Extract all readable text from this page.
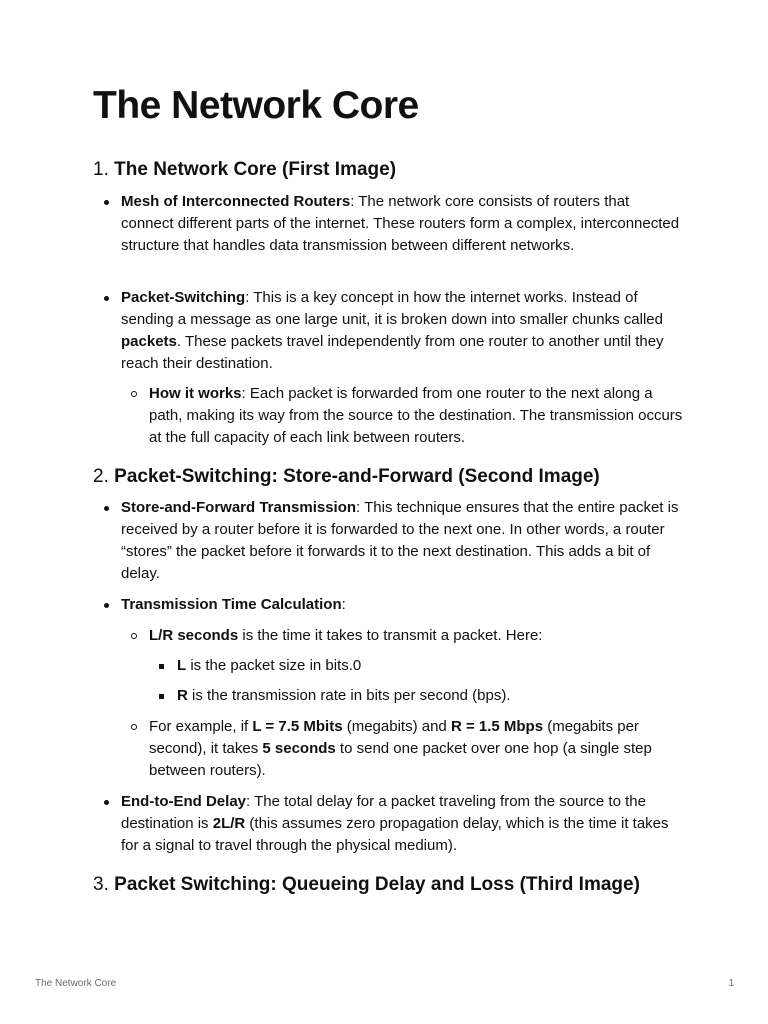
The Network Core
1. The Network Core (First Image)

Mesh of Interconnected Routers: The network core consists of routers that connect different parts of the internet. These routers form a complex, interconnected structure that handles data transmission between different networks.

Packet-Switching: This is a key concept in how the internet works. Instead of sending a message as one large unit, it is broken down into smaller chunks called packets. These packets travel independently from one router to another until they reach their destination.

How it works: Each packet is forwarded from one router to the next along a path, making its way from the source to the destination. The transmission occurs at the full capacity of each link between routers.

2. Packet-Switching: Store-and-Forward (Second Image)

Store-and-Forward Transmission: This technique ensures that the entire packet is received by a router before it is forwarded to the next one. In other words, a router “stores” the packet before it forwards it to the next destination. This adds a bit of delay.

Transmission Time Calculation:

L/R seconds is the time it takes to transmit a packet. Here:

L is the packet size in bits.0

R is the transmission rate in bits per second (bps).

For example, if L = 7.5 Mbits (megabits) and R = 1.5 Mbps (megabits per second), it takes 5 seconds to send one packet over one hop (a single step between routers).

End-to-End Delay: The total delay for a packet traveling from the source to the destination is 2L/R (this assumes zero propagation delay, which is the time it takes for a signal to travel through the physical medium).

3. Packet Switching: Queueing Delay and Loss (Third Image)
The Network Core	1
